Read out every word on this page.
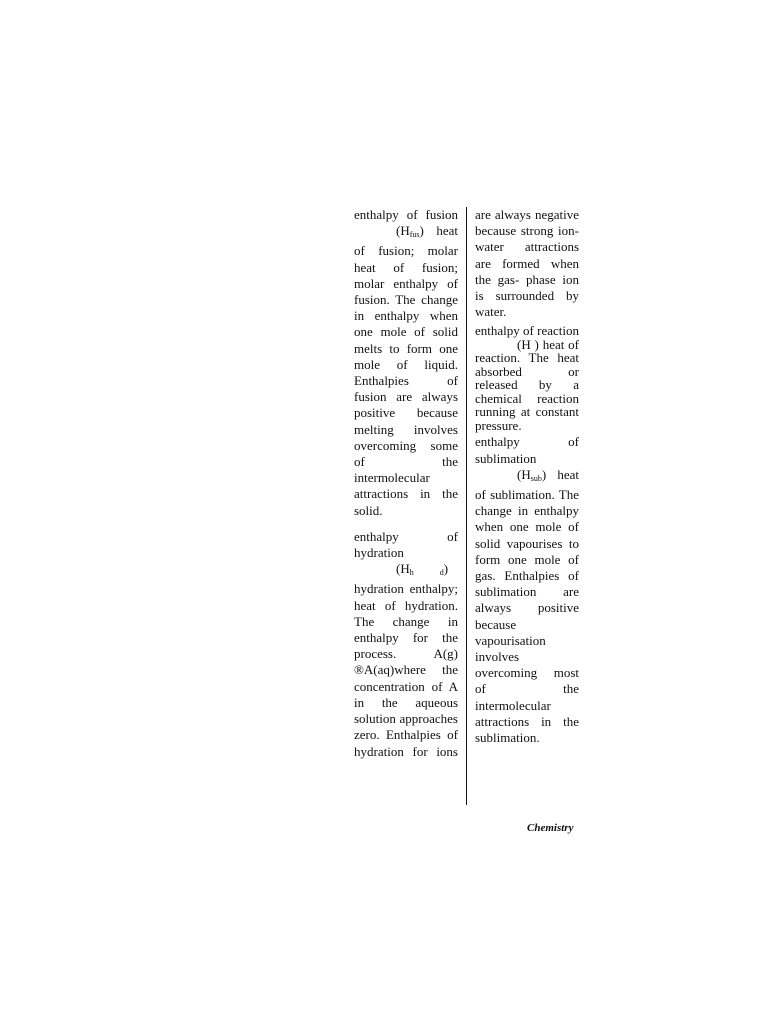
enthalpy of fusion

$(H_{fus})$ heat of fusion; molar heat of fusion; molar enthalpy of fusion. The change in enthalpy when one mole of solid melts to form one mole of liquid. Enthalpies of fusion are always positive because melting involves overcoming some of the intermolecular attractions in the solid.

enthalpy of hydration

($H_h$	$_d$) hydration enthalpy; heat of hydration. The change in enthalpy for the process. A(g) ®A(aq)where the concentration of A in the aqueous solution approaches zero. Enthalpies of hydration for ions

are always negative because strong ion-water attractions are formed when the gas- phase ion is surrounded by water.

enthalpy of reaction

(H ) heat of reaction. The heat absorbed or released by a chemical reaction running at constant pressure.

enthalpy of sublimation

$(H_{sub})$ heat of sublimation. The change in enthalpy when one mole of solid vapourises to form one mole of gas. Enthalpies of sublimation are always positive because vapourisation involves overcoming most of the intermolecular attractions in the sublimation.

Chemistry
